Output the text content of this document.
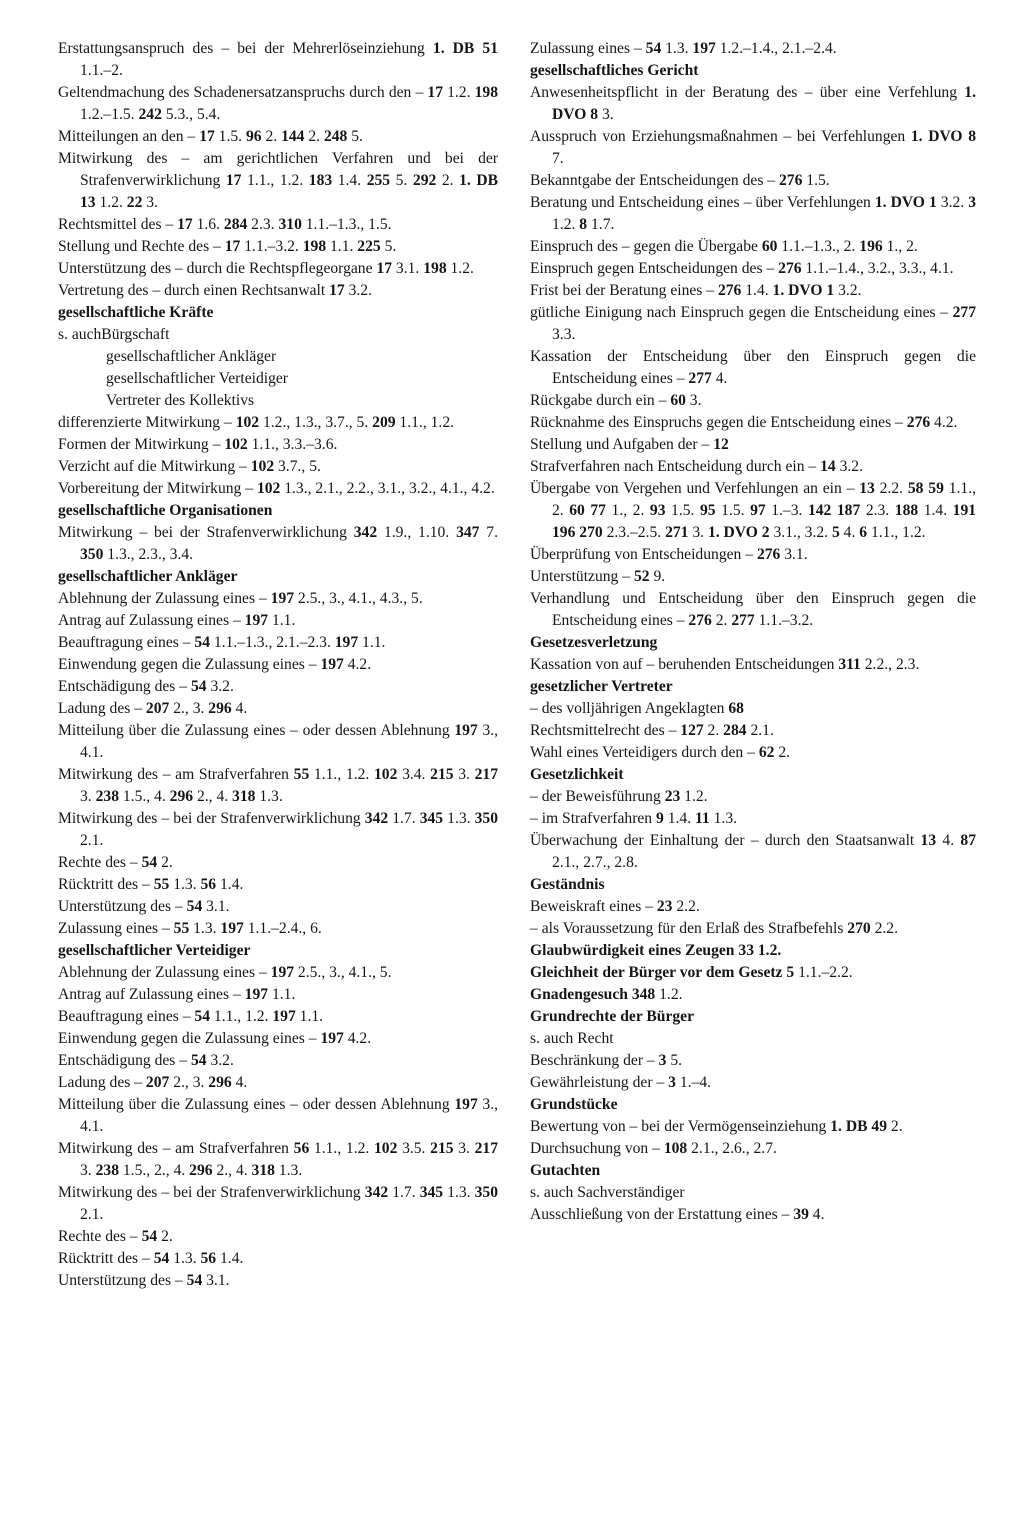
Erstattungsanspruch des – bei der Mehrerlöseinziehung 1. DB 51 1.1.–2.
Geltendmachung des Schadenersatzanspruchs durch den – 17 1.2. 198 1.2.–1.5. 242 5.3., 5.4.
Mitteilungen an den – 17 1.5. 96 2. 144 2. 248 5.
Mitwirkung des – am gerichtlichen Verfahren und bei der Strafenverwirklichung 17 1.1., 1.2. 183 1.4. 255 5. 292 2. 1. DB 13 1.2. 22 3.
Rechtsmittel des – 17 1.6. 284 2.3. 310 1.1.–1.3., 1.5.
Stellung und Rechte des – 17 1.1.–3.2. 198 1.1. 225 5.
Unterstützung des – durch die Rechtspflegeorgane 17 3.1. 198 1.2.
Vertretung des – durch einen Rechtsanwalt 17 3.2.
gesellschaftliche Kräfte
s. auchBürgschaft
gesellschaftlicher Ankläger
gesellschaftlicher Verteidiger
Vertreter des Kollektivs
differenzierte Mitwirkung – 102 1.2., 1.3., 3.7., 5. 209 1.1., 1.2.
Formen der Mitwirkung – 102 1.1., 3.3.–3.6.
Verzicht auf die Mitwirkung – 102 3.7., 5.
Vorbereitung der Mitwirkung – 102 1.3., 2.1., 2.2., 3.1., 3.2., 4.1., 4.2.
gesellschaftliche Organisationen
Mitwirkung – bei der Strafenverwirklichung 342 1.9., 1.10. 347 7. 350 1.3., 2.3., 3.4.
gesellschaftlicher Ankläger
Ablehnung der Zulassung eines – 197 2.5., 3., 4.1., 4.3., 5.
Antrag auf Zulassung eines – 197 1.1.
Beauftragung eines – 54 1.1.–1.3., 2.1.–2.3. 197 1.1.
Einwendung gegen die Zulassung eines – 197 4.2.
Entschädigung des – 54 3.2.
Ladung des – 207 2., 3. 296 4.
Mitteilung über die Zulassung eines – oder dessen Ablehnung 197 3., 4.1.
Mitwirkung des – am Strafverfahren 55 1.1., 1.2. 102 3.4. 215 3. 217 3. 238 1.5., 4. 296 2., 4. 318 1.3.
Mitwirkung des – bei der Strafenverwirklichung 342 1.7. 345 1.3. 350 2.1.
Rechte des – 54 2.
Rücktritt des – 55 1.3. 56 1.4.
Unterstützung des – 54 3.1.
Zulassung eines – 55 1.3. 197 1.1.–2.4., 6.
gesellschaftlicher Verteidiger
Ablehnung der Zulassung eines – 197 2.5., 3., 4.1., 5.
Antrag auf Zulassung eines – 197 1.1.
Beauftragung eines – 54 1.1., 1.2. 197 1.1.
Einwendung gegen die Zulassung eines – 197 4.2.
Entschädigung des – 54 3.2.
Ladung des – 207 2., 3. 296 4.
Mitteilung über die Zulassung eines – oder dessen Ablehnung 197 3., 4.1.
Mitwirkung des – am Strafverfahren 56 1.1., 1.2. 102 3.5. 215 3. 217 3. 238 1.5., 2., 4. 296 2., 4. 318 1.3.
Mitwirkung des – bei der Strafenverwirklichung 342 1.7. 345 1.3. 350 2.1.
Rechte des – 54 2.
Rücktritt des – 54 1.3. 56 1.4.
Unterstützung des – 54 3.1.
Zulassung eines – 54 1.3. 197 1.2.–1.4., 2.1.–2.4.
gesellschaftliches Gericht
Anwesenheitspflicht in der Beratung des – über eine Verfehlung 1. DVO 8 3.
Ausspruch von Erziehungsmaßnahmen – bei Verfehlungen 1. DVO 8 7.
Bekanntgabe der Entscheidungen des – 276 1.5.
Beratung und Entscheidung eines – über Verfehlungen 1. DVO 1 3.2. 3 1.2. 8 1.7.
Einspruch des – gegen die Übergabe 60 1.1.–1.3., 2. 196 1., 2.
Einspruch gegen Entscheidungen des – 276 1.1.–1.4., 3.2., 3.3., 4.1.
Frist bei der Beratung eines – 276 1.4. 1. DVO 1 3.2.
gütliche Einigung nach Einspruch gegen die Entscheidung eines – 277 3.3.
Kassation der Entscheidung über den Einspruch gegen die Entscheidung eines – 277 4.
Rückgabe durch ein – 60 3.
Rücknahme des Einspruchs gegen die Entscheidung eines – 276 4.2.
Stellung und Aufgaben der – 12
Strafverfahren nach Entscheidung durch ein – 14 3.2.
Übergabe von Vergehen und Verfehlungen an ein – 13 2.2. 58 59 1.1., 2. 60 77 1., 2. 93 1.5. 95 1.5. 97 1.–3. 142 187 2.3. 188 1.4. 191 196 270 2.3.–2.5. 271 3. 1. DVO 2 3.1., 3.2. 5 4. 6 1.1., 1.2.
Überprüfung von Entscheidungen – 276 3.1.
Unterstützung – 52 9.
Verhandlung und Entscheidung über den Einspruch gegen die Entscheidung eines – 276 2. 277 1.1.–3.2.
Gesetzesverletzung
Kassation von auf – beruhenden Entscheidungen 311 2.2., 2.3.
gesetzlicher Vertreter
– des volljährigen Angeklagten 68
Rechtsmittelrecht des – 127 2. 284 2.1.
Wahl eines Verteidigers durch den – 62 2.
Gesetzlichkeit
– der Beweisführung 23 1.2.
– im Strafverfahren 9 1.4. 11 1.3.
Überwachung der Einhaltung der – durch den Staatsanwalt 13 4. 87 2.1., 2.7., 2.8.
Geständnis
Beweiskraft eines – 23 2.2.
– als Voraussetzung für den Erlaß des Strafbefehls 270 2.2.
Glaubwürdigkeit eines Zeugen 33 1.2.
Gleichheit der Bürger vor dem Gesetz 5 1.1.–2.2.
Gnadengesuch 348 1.2.
Grundrechte der Bürger
s. auch Recht
Beschränkung der – 3 5.
Gewährleistung der – 3 1.–4.
Grundstücke
Bewertung von – bei der Vermögenseinziehung 1. DB 49 2.
Durchsuchung von – 108 2.1., 2.6., 2.7.
Gutachten
s. auch Sachverständiger
Ausschließung von der Erstattung eines – 39 4.
